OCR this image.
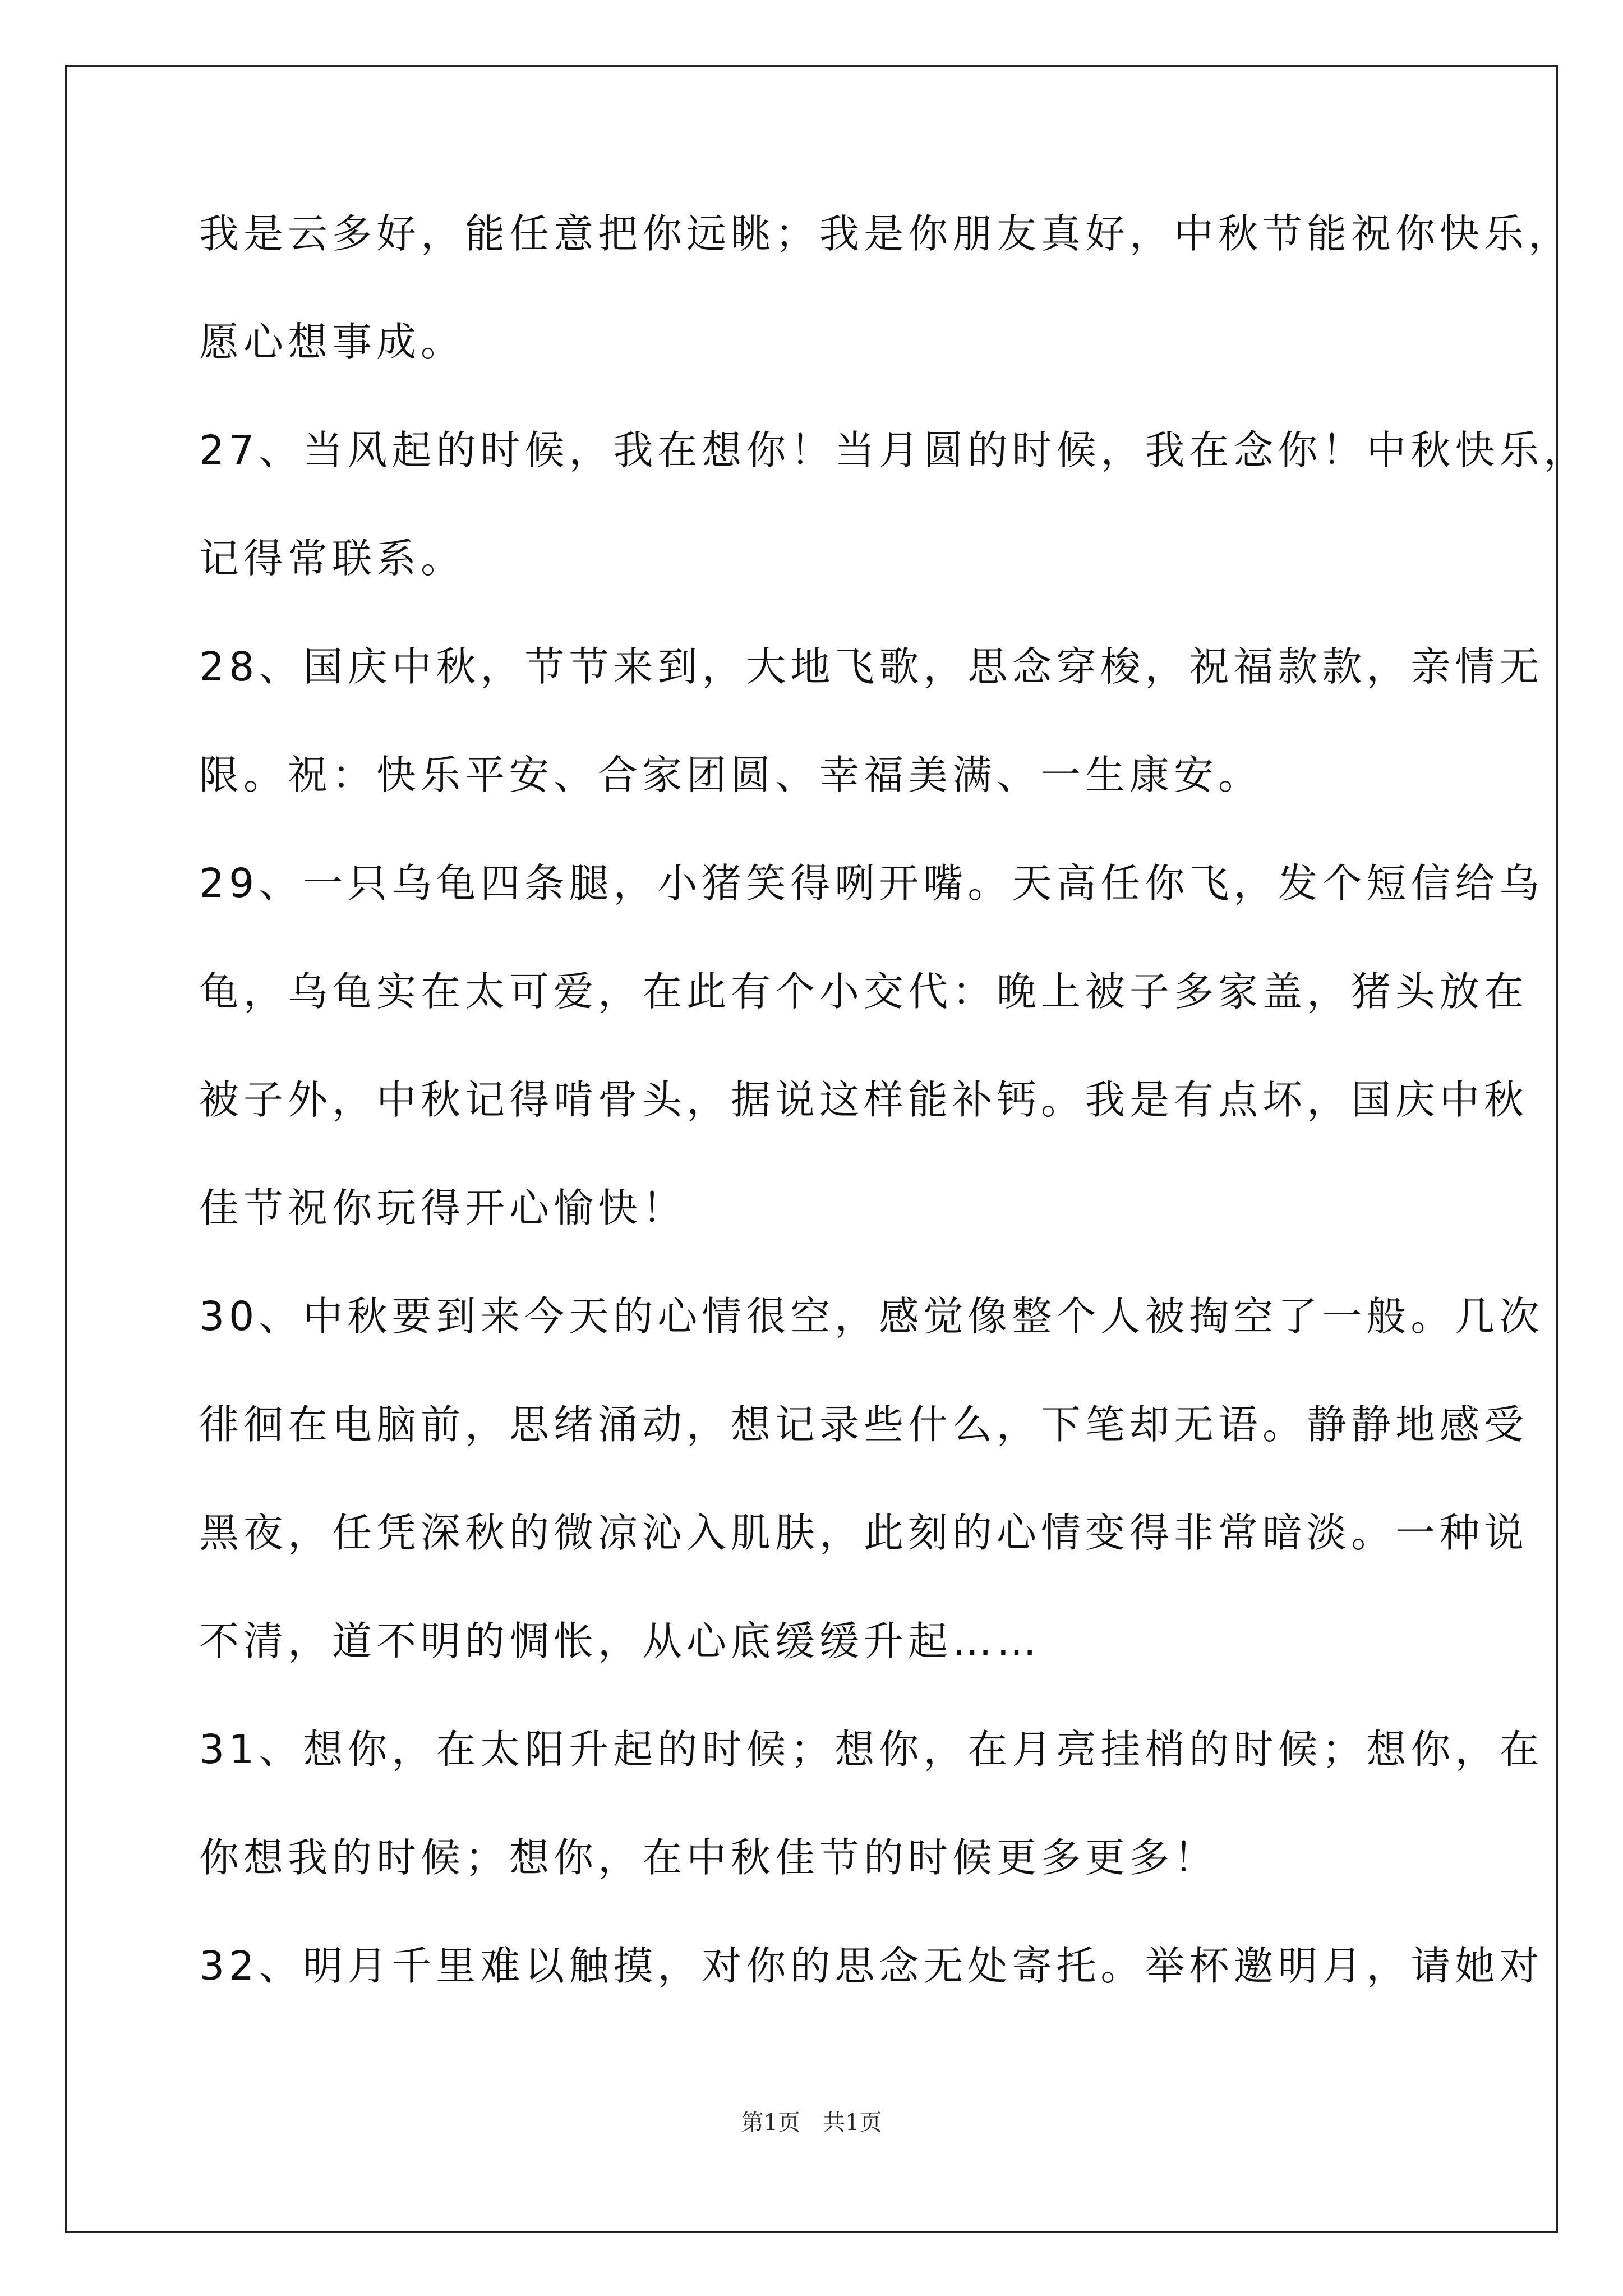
我是云多好，能任意把你远眺；我是你朋友真好，中秋节能祝你快乐，
愿心想事成。
27、当风起的时候，我在想你！当月圆的时候，我在念你！中秋快乐，
记得常联系。
28、国庆中秋，节节来到，大地飞歌，思念穿梭，祝福款款，亲情无
限。祝：快乐平安、合家团圆、幸福美满、一生康安。
29、一只乌龟四条腿，小猪笑得咧开嘴。天高任你飞，发个短信给乌
龟，乌龟实在太可爱，在此有个小交代：晚上被子多家盖，猪头放在
被子外，中秋记得啃骨头，据说这样能补钙。我是有点坏，国庆中秋
佳节祝你玩得开心愉快！
30、中秋要到来今天的心情很空，感觉像整个人被掏空了一般。几次
徘徊在电脑前，思绪涌动，想记录些什么，下笔却无语。静静地感受
黑夜，任凭深秋的微凉沁入肌肤，此刻的心情变得非常暗淡。一种说
不清，道不明的惆怅，从心底缓缓升起……
31、想你，在太阳升起的时候；想你，在月亮挂梢的时候；想你，在
你想我的时候；想你，在中秋佳节的时候更多更多！
32、明月千里难以触摸，对你的思念无处寄托。举杯邀明月，请她对
第1页　共1页
